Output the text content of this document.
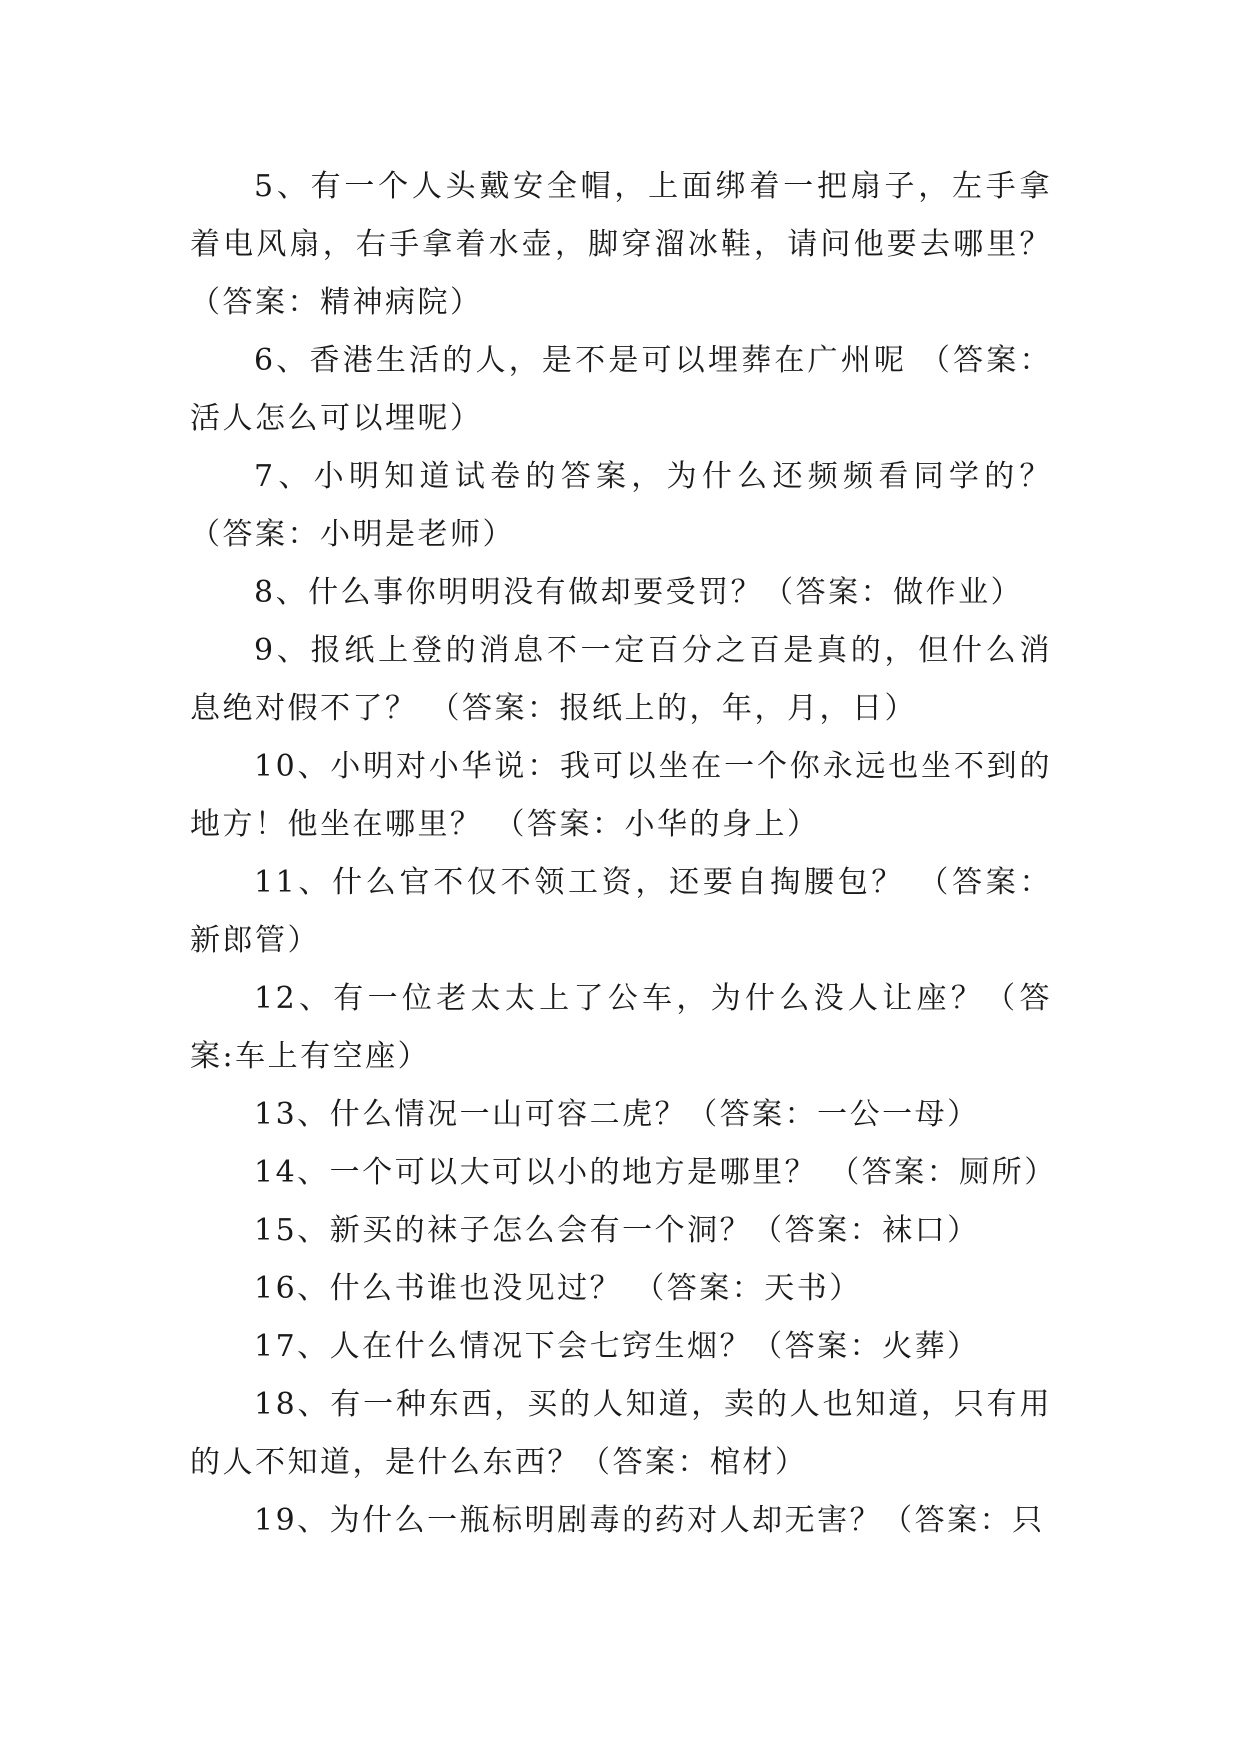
5、有一个人头戴安全帽，上面绑着一把扇子，左手拿着电风扇，右手拿着水壶，脚穿溜冰鞋，请问他要去哪里？（答案：精神病院）

6、香港生活的人，是不是可以埋葬在广州呢 （答案：活人怎么可以埋呢）

7、小明知道试卷的答案，为什么还频频看同学的？（答案：小明是老师）

8、什么事你明明没有做却要受罚？（答案：做作业）

9、报纸上登的消息不一定百分之百是真的，但什么消息绝对假不了？ （答案：报纸上的，年，月，日）

10、小明对小华说：我可以坐在一个你永远也坐不到的地方！他坐在哪里？ （答案：小华的身上）

11、什么官不仅不领工资，还要自掏腰包？ （答案：新郎管）

12、有一位老太太上了公车，为什么没人让座？（答案:车上有空座）

13、什么情况一山可容二虎？（答案：一公一母）

14、一个可以大可以小的地方是哪里？ （答案：厕所）

15、新买的袜子怎么会有一个洞？（答案：袜口）

16、什么书谁也没见过？ （答案：天书）

17、人在什么情况下会七窍生烟？（答案：火葬）

18、有一种东西，买的人知道，卖的人也知道，只有用的人不知道，是什么东西？（答案：棺材）

19、为什么一瓶标明剧毒的药对人却无害？（答案：只
